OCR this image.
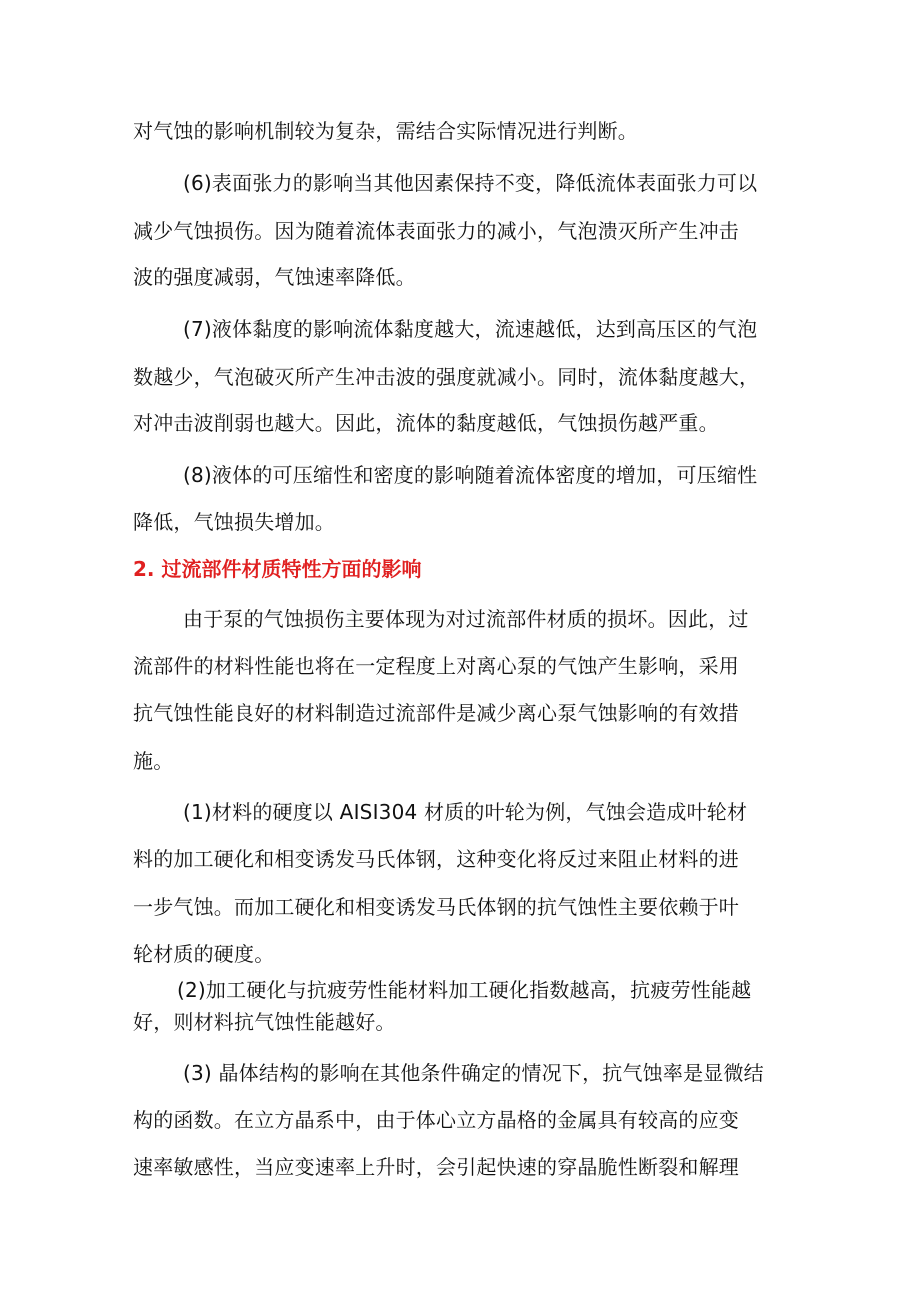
对气蚀的影响机制较为复杂，需结合实际情况进行判断。
(6)表面张力的影响当其他因素保持不变，降低流体表面张力可以
减少气蚀损伤。因为随着流体表面张力的减小，气泡溃灭所产生冲击
波的强度减弱，气蚀速率降低。
(7)液体黏度的影响流体黏度越大，流速越低，达到高压区的气泡
数越少，气泡破灭所产生冲击波的强度就减小。同时，流体黏度越大，
对冲击波削弱也越大。因此，流体的黏度越低，气蚀损伤越严重。
(8)液体的可压缩性和密度的影响随着流体密度的增加，可压缩性
降低，气蚀损失增加。
2. 过流部件材质特性方面的影响
由于泵的气蚀损伤主要体现为对过流部件材质的损坏。因此，过
流部件的材料性能也将在一定程度上对离心泵的气蚀产生影响，采用
抗气蚀性能良好的材料制造过流部件是减少离心泵气蚀影响的有效措
施。
(1)材料的硬度以 AISI304 材质的叶轮为例，气蚀会造成叶轮材
料的加工硬化和相变诱发马氏体钢，这种变化将反过来阻止材料的进
一步气蚀。而加工硬化和相变诱发马氏体钢的抗气蚀性主要依赖于叶
轮材质的硬度。
(2)加工硬化与抗疲劳性能材料加工硬化指数越高，抗疲劳性能越
好，则材料抗气蚀性能越好。
(3) 晶体结构的影响在其他条件确定的情况下，抗气蚀率是显微结
构的函数。在立方晶系中，由于体心立方晶格的金属具有较高的应变
速率敏感性，当应变速率上升时，会引起快速的穿晶脆性断裂和解理
